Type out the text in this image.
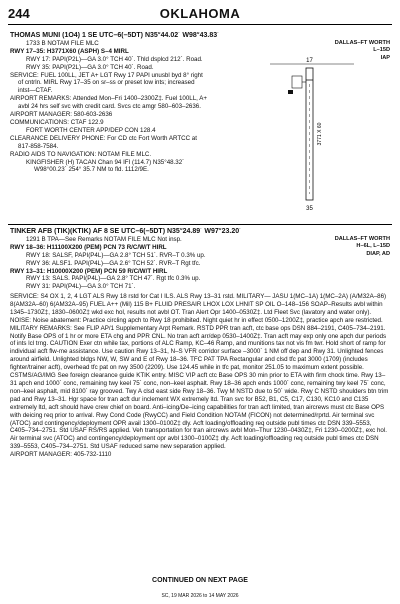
244	OKLAHOMA
THOMAS MUNI (1O4) 1 SE UTC–6(–5DT) N35°44.02´ W98°43.83´
1733 B NOTAM FILE MLC
RWY 17–35: H3771X60 (ASPH) S–4 MIRL
RWY 17: PAPI(P2L)—GA 3.0° TCH 40´. Thld dsplcd 212´. Road.
RWY 35: PAPI(P2L)—GA 3.0° TCH 40´. Road.
SERVICE: FUEL 100LL, JET A+ LGT Rwy 17 PAPI unusbl byd 8° right
of cntrln. MIRL Rwy 17–35 on sr–ss or preset low ints; increased
intst—CTAF.
AIRPORT REMARKS: Attended Mon–Fri 1400–2300Z‡. Fuel 100LL, A+
avbl 24 hrs self svc with credit card. Svcs ctc amgr 580–603–2636.
AIRPORT MANAGER: 580-603-2636
COMMUNICATIONS: CTAF 122.9
FORT WORTH CENTER APP/DEP CON 128.4
CLEARANCE DELIVERY PHONE: For CD ctc Fort Worth ARTCC at
817-858-7584.
RADIO AIDS TO NAVIGATION: NOTAM FILE MLC.
KINGFISHER (H) TACAN Chan 94 IFI (114.7) N35°48.32´
W98°00.23´ 254° 35.7 NM to fld. 1112/9E.
DALLAS–FT WORTH
L–15D
IAP
17
35
3771 X 60
TINKER AFB (TIK)(KTIK) AF 8 SE UTC–6(–5DT) N35°24.89´ W97°23.20´
1291 B TPA—See Remarks NOTAM FILE MLC Not insp.
RWY 18–36: H11100X200 (PEM) PCN 73 R/C/W/T HIRL
RWY 18: SALSF, PAPI(P4L)—GA 2.8° TCH 51´. RVR–T 0.3% up.
RWY 36: ALSF1. PAPI(P4L)—GA 2.6° TCH 52´. RVR–T Rgt tfc.
RWY 13–31: H10000X200 (PEM) PCN 59 R/C/W/T HIRL
RWY 13: SALS. PAPI(P4L)—GA 2.8° TCH 47´. Rgt tfc 0.3% up.
RWY 31: PAPI(P4L)—GA 3.0° TCH 71´.
DALLAS–FT WORTH
H–6L, L–15D
DIAP, AD
SERVICE: S4 OX 1, 2, 4 LGT ALS Rwy 18 rstd for Cat I ILS. ALS Rwy 13–31 rstd. MILITARY— JASU 1(MC–1A) 1(MC–2A) (A/M32A–86) 8(AM32A–60) 6(AM32A–95) FUEL A++ (Mil) 115 B+ FLUID PRESAIR LHOX LOX LHNIT SP OIL O–148–156 SOAP–Results avbl within 1345–1730Z‡, 1830–0600Z‡ wkd exc hol, results not avbl OT. Tran Alert Opr 1400–0530Z‡. Ltd Fleet Svc (lavatory and water only).
NOISE: Noise abatement: Practice circling apch to Rwy 18 prohibited. Night quiet hr in effect 0500–1200Z‡, practice apch are restricted.
MILITARY REMARKS: See FLIP AP/1 Supplementary Arpt Remark. RSTD PPR tran acft, ctc base ops DSN 884–2191, C405–734–2191. Notify Base OPS of 1 hr or more ETA chg and PPR CNL. No tran acft arr/dep 0530–1400Z‡. Tran acft may exp only one apch dur periods of ints lcl trng. CAUTION Exer ctn while tax, portions of ALC Ramp, KC–46 Ramp, and munitions tax not vis fm twr. Hold short of ramp for individual acft flw-me assistance. Use caution Rwy 13–31, N–S VFR corridor surface –3000´ 1 NM off dep and Rwy 31. Unlighted fences around airfield. Unlighted bldgs NW, W, SW and E of Rwy 18–36. TFC PAT TPA Rectangular and clsd tfc pat 3000 (1709) (includes fighter/trainer acft), overhead tfc pat on rwy 3500 (2209). Use 124.45 while in tfc pat, monitor 251.05 to maximum extent possible. CSTMS/AG/IMG See foreign clearance guide KTIK entry. MISC VIP acft ctc Base OPS 30 min prior to ETA with firm chock time. Rwy 13–31 apch end 1000´ conc, remaining twy keel 75´ conc, non–keel asphalt. Rwy 18–36 apch ends 1000´ conc, remaining twy keel 75´ conc, non–keel asphalt, mid 8100´ ray grooved. Twy A clsd east side Rwy 18–36. Twy M NSTD due to 50´ wide. Rwy C NSTD shoulders btn trim pad and Rwy 13–31. Hgr space for tran acft dur inclement WX extremely ltd. Tran svc for B52, B1, C5, C17, C130, KC10 and C135 extremely ltd, acft should have crew chief on board. Anti–icing/De–icing capabilities for tran acft limited, tran aircrews must ctc Base OPS with deicing req prior to arrival. Rwy Cond Code (RwyCC) and Field Condition NOTAM (FICON) not determined/rprtd. Air terminal svc (ATOC) and contingency/deployment OPR avail 1300–0100Z‡ dly. Acft loading/offloading req outside publ times ctc DSN 339–5553, C405–734–2751. Std USAF RS/RS applied. Veh transportation for tran aircrews avbl Mon–Thur 1230–0430Z‡, Fri 1230–0200Z‡, exc hol. Air terminal svc (ATOC) and contingency/deployment opr avbl 1300–0100Z‡ dly. Acft loading/offloading req outside publ times ctc DSN 339–5553, C405–734–2751. Std USAF reduced same new separation applied.
AIRPORT MANAGER: 405-732-1110
CONTINUED ON NEXT PAGE
SC, 19 MAR 2026 to 14 MAY 2026
